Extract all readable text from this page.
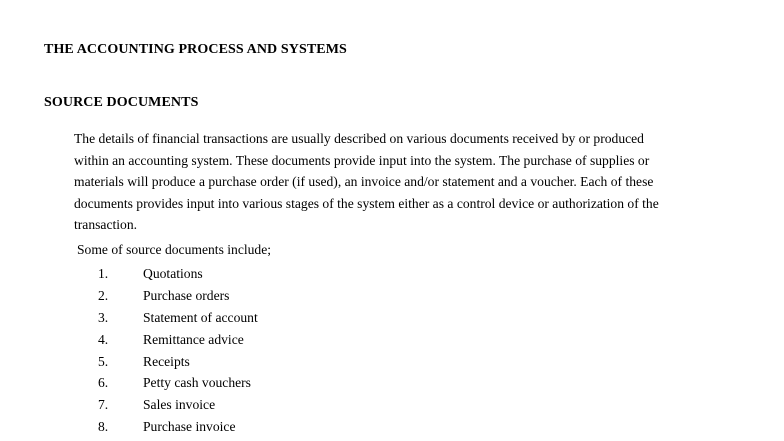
THE ACCOUNTING PROCESS AND SYSTEMS
SOURCE DOCUMENTS

The details of financial transactions are usually described on various documents received by or produced
within an accounting system. These documents provide input into the system. The purchase of supplies or
materials will produce a purchase order (if used), an invoice and/or statement and a voucher. Each of these
documents provides input into various stages of the system either as a control device or authorization of the
transaction.

Some of source documents include;
1.	Quotations
2.	Purchase orders
3.	Statement of account
4.	Remittance advice
5.	Receipts
6.	Petty cash vouchers
7.	Sales invoice
8.	Purchase invoice
